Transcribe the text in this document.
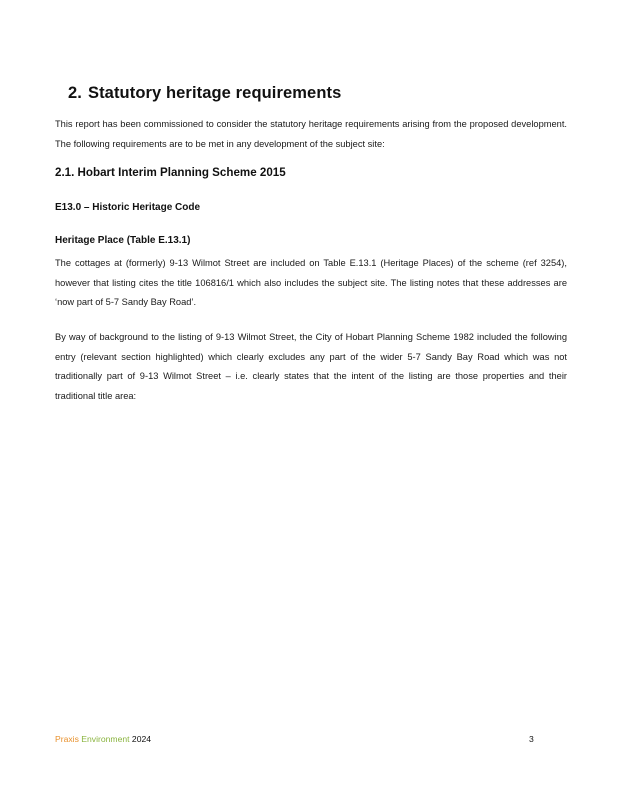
2. Statutory heritage requirements
This report has been commissioned to consider the statutory heritage requirements arising from the proposed development. The following requirements are to be met in any development of the subject site:
2.1. Hobart Interim Planning Scheme 2015
E13.0 – Historic Heritage Code
Heritage Place (Table E.13.1)
The cottages at (formerly) 9-13 Wilmot Street are included on Table E.13.1 (Heritage Places) of the scheme (ref 3254), however that listing cites the title 106816/1 which also includes the subject site. The listing notes that these addresses are ‘now part of 5-7 Sandy Bay Road’.
By way of background to the listing of 9-13 Wilmot Street, the City of Hobart Planning Scheme 1982 included the following entry (relevant section highlighted) which clearly excludes any part of the wider 5-7 Sandy Bay Road which was not traditionally part of 9-13 Wilmot Street – i.e. clearly states that the intent of the listing are those properties and their traditional title area:
Praxis Environment 2024	3
